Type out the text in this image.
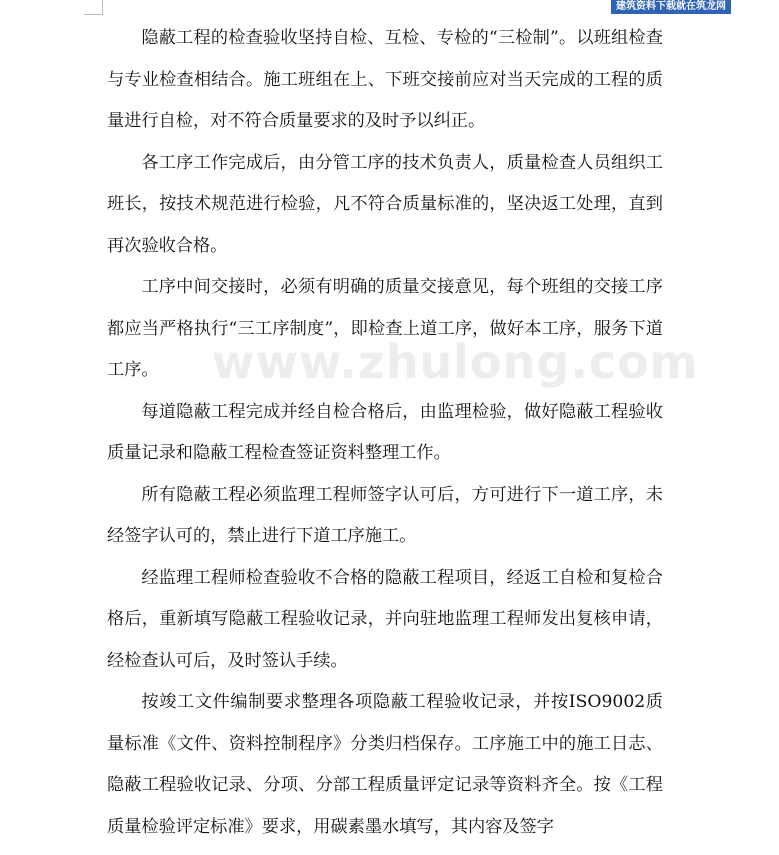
建筑资料下载就在筑龙网
www.zhulong.com

隐蔽工程的检查验收坚持自检、互检、专检的“三检制”。以班组检查与专业检查相结合。施工班组在上、下班交接前应对当天完成的工程的质量进行自检，对不符合质量要求的及时予以纠正。

各工序工作完成后，由分管工序的技术负责人，质量检查人员组织工班长，按技术规范进行检验，凡不符合质量标准的，坚决返工处理，直到再次验收合格。

工序中间交接时，必须有明确的质量交接意见，每个班组的交接工序都应当严格执行“三工序制度”，即检查上道工序，做好本工序，服务下道工序。

每道隐蔽工程完成并经自检合格后，由监理检验，做好隐蔽工程验收质量记录和隐蔽工程检查签证资料整理工作。

所有隐蔽工程必须监理工程师签字认可后，方可进行下一道工序，未经签字认可的，禁止进行下道工序施工。

经监理工程师检查验收不合格的隐蔽工程项目，经返工自检和复检合格后，重新填写隐蔽工程验收记录，并向驻地监理工程师发出复核申请，经检查认可后，及时签认手续。

按竣工文件编制要求整理各项隐蔽工程验收记录，并按ISO9002质量标准《文件、资料控制程序》分类归档保存。工序施工中的施工日志、隐蔽工程验收记录、分项、分部工程质量评定记录等资料齐全。按《工程质量检验评定标准》要求，用碳素墨水填写，其内容及签字
